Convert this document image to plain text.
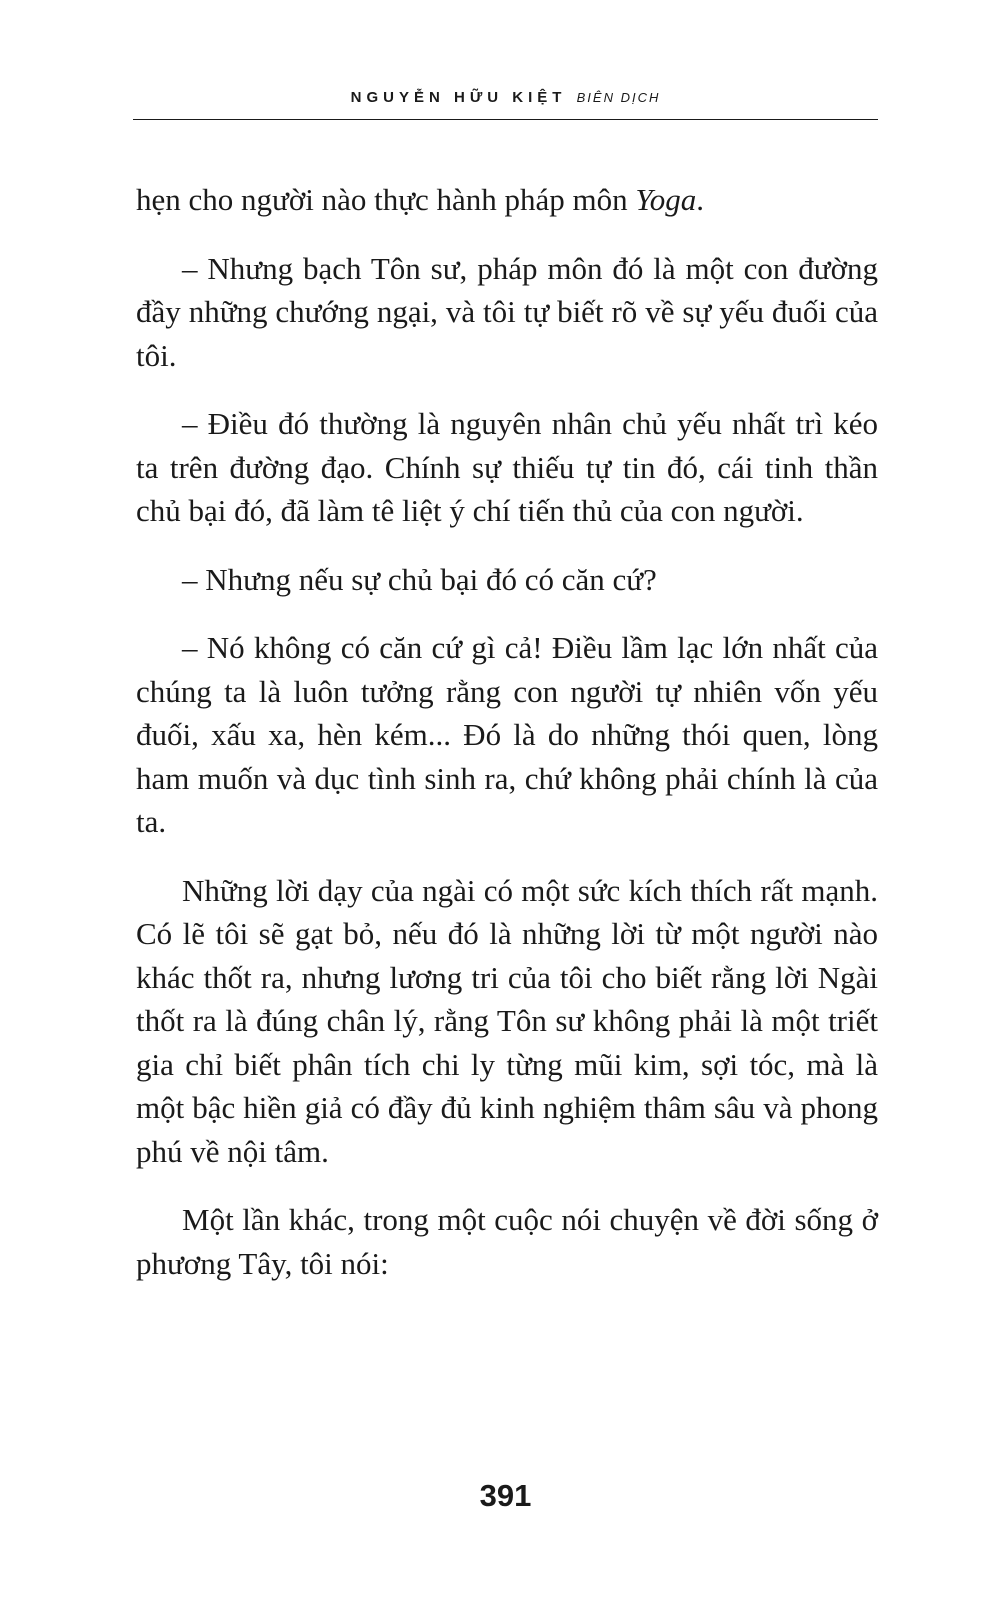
NGUYỄN HỮU KIỆT BIÊN DỊCH

hẹn cho người nào thực hành pháp môn Yoga.

– Nhưng bạch Tôn sư, pháp môn đó là một con đường đầy những chướng ngại, và tôi tự biết rõ về sự yếu đuối của tôi.

– Điều đó thường là nguyên nhân chủ yếu nhất trì kéo ta trên đường đạo. Chính sự thiếu tự tin đó, cái tinh thần chủ bại đó, đã làm tê liệt ý chí tiến thủ của con người.

– Nhưng nếu sự chủ bại đó có căn cứ?

– Nó không có căn cứ gì cả! Điều lầm lạc lớn nhất của chúng ta là luôn tưởng rằng con người tự nhiên vốn yếu đuối, xấu xa, hèn kém... Đó là do những thói quen, lòng ham muốn và dục tình sinh ra, chứ không phải chính là của ta.

Những lời dạy của ngài có một sức kích thích rất mạnh. Có lẽ tôi sẽ gạt bỏ, nếu đó là những lời từ một người nào khác thốt ra, nhưng lương tri của tôi cho biết rằng lời Ngài thốt ra là đúng chân lý, rằng Tôn sư không phải là một triết gia chỉ biết phân tích chi ly từng mũi kim, sợi tóc, mà là một bậc hiền giả có đầy đủ kinh nghiệm thâm sâu và phong phú về nội tâm.

Một lần khác, trong một cuộc nói chuyện về đời sống ở phương Tây, tôi nói:

391
